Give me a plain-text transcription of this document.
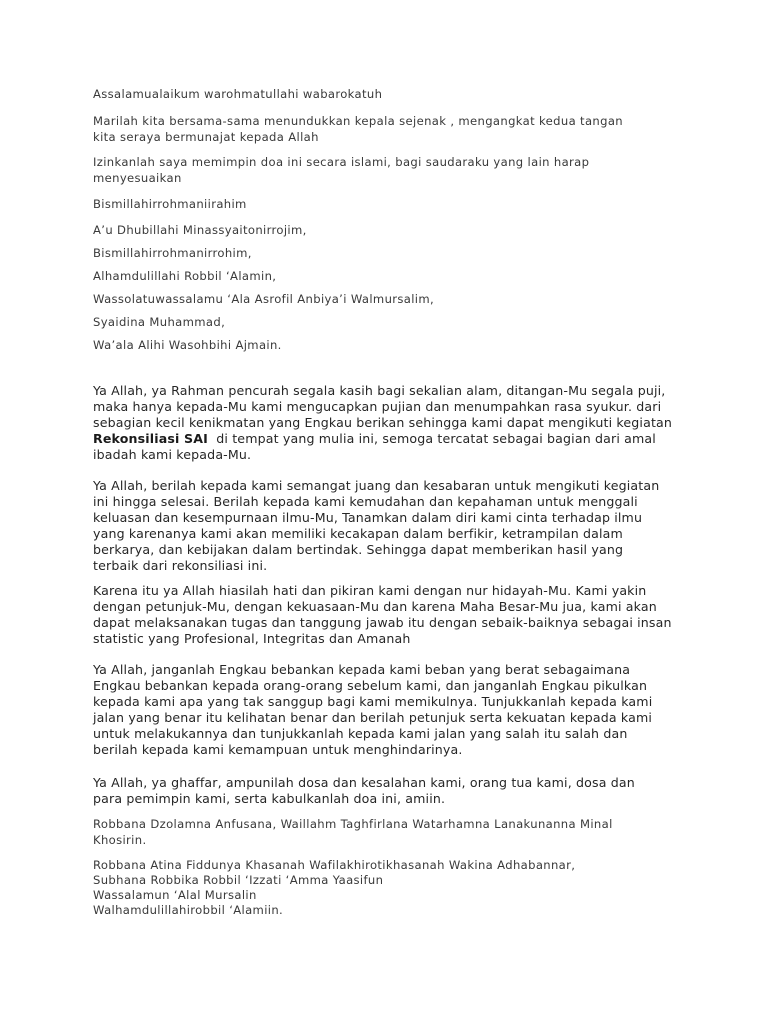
Assalamualaikum warohmatullahi wabarokatuh

Marilah kita bersama-sama menundukkan kepala sejenak , mengangkat kedua tangan

kita seraya bermunajat kepada Allah

Izinkanlah saya memimpin doa ini secara islami, bagi saudaraku yang lain harap

menyesuaikan

Bismillahirrohmaniirahim

A’u Dhubillahi Minassyaitonirrojim,

Bismillahirrohmanirrohim,

Alhamdulillahi Robbil ‘Alamin,

Wassolatuwassalamu ‘Ala Asrofil Anbiya’i Walmursalim,

Syaidina Muhammad,

Wa’ala Alihi Wasohbihi Ajmain.

Ya Allah, ya Rahman pencurah segala kasih bagi sekalian alam, ditangan-Mu segala puji,

maka hanya kepada-Mu kami mengucapkan pujian dan menumpahkan rasa syukur. dari

sebagian kecil kenikmatan yang Engkau berikan sehingga kami dapat mengikuti kegiatan

Rekonsiliasi SAI  di tempat yang mulia ini, semoga tercatat sebagai bagian dari amal

ibadah kami kepada-Mu.

Ya Allah, berilah kepada kami semangat juang dan kesabaran untuk mengikuti kegiatan

ini hingga selesai. Berilah kepada kami kemudahan dan kepahaman untuk menggali

keluasan dan kesempurnaan ilmu-Mu, Tanamkan dalam diri kami cinta terhadap ilmu

yang karenanya kami akan memiliki kecakapan dalam berfikir, ketrampilan dalam

berkarya, dan kebijakan dalam bertindak. Sehingga dapat memberikan hasil yang

terbaik dari rekonsiliasi ini.

Karena itu ya Allah hiasilah hati dan pikiran kami dengan nur hidayah-Mu. Kami yakin

dengan petunjuk-Mu, dengan kekuasaan-Mu dan karena Maha Besar-Mu jua, kami akan

dapat melaksanakan tugas dan tanggung jawab itu dengan sebaik-baiknya sebagai insan

statistic yang Profesional, Integritas dan Amanah

Ya Allah, janganlah Engkau bebankan kepada kami beban yang berat sebagaimana

Engkau bebankan kepada orang-orang sebelum kami, dan janganlah Engkau pikulkan

kepada kami apa yang tak sanggup bagi kami memikulnya. Tunjukkanlah kepada kami

jalan yang benar itu kelihatan benar dan berilah petunjuk serta kekuatan kepada kami

untuk melakukannya dan tunjukkanlah kepada kami jalan yang salah itu salah dan

berilah kepada kami kemampuan untuk menghindarinya.

Ya Allah, ya ghaffar, ampunilah dosa dan kesalahan kami, orang tua kami, dosa dan

para pemimpin kami, serta kabulkanlah doa ini, amiin.

Robbana Dzolamna Anfusana, Waillahm Taghfirlana Watarhamna Lanakunanna Minal

Khosirin.

Robbana Atina Fiddunya Khasanah Wafilakhirotikhasanah Wakina Adhabannar,

Subhana Robbika Robbil ‘Izzati ‘Amma Yaasifun

Wassalamun ‘Alal Mursalin

Walhamdulillahirobbil ‘Alamiin.
